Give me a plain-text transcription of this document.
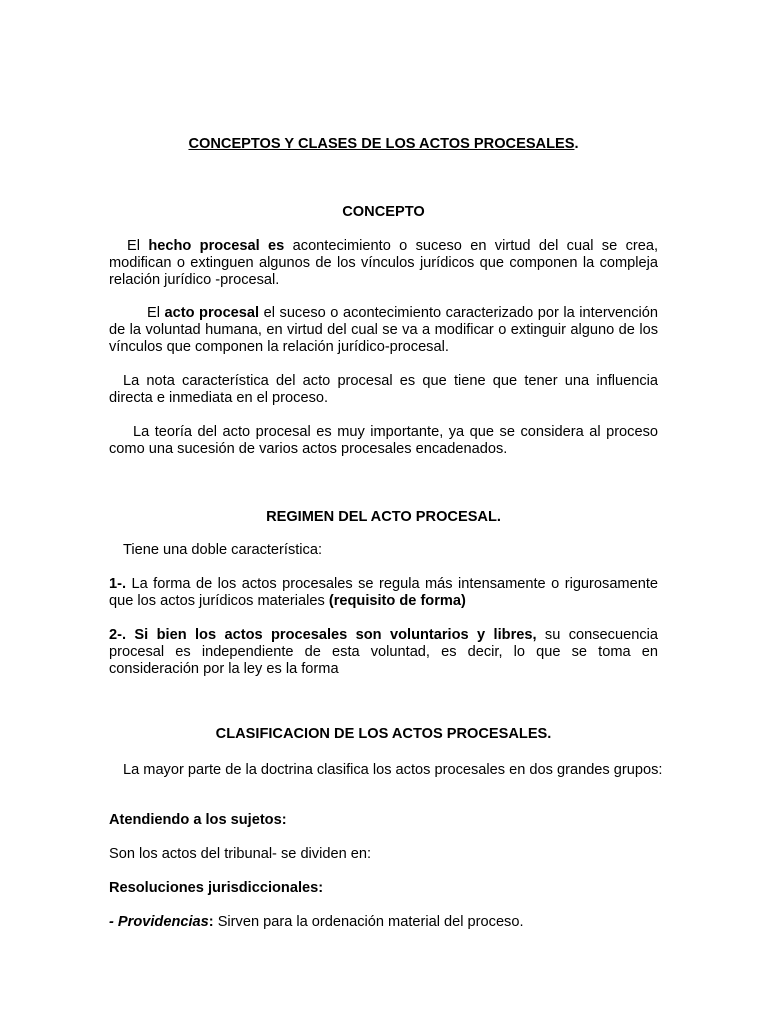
CONCEPTOS Y CLASES DE LOS ACTOS PROCESALES.

CONCEPTO

El hecho procesal es acontecimiento o suceso en virtud del cual se crea, modifican o extinguen algunos de los vínculos jurídicos que componen la compleja relación jurídico -procesal.

El acto procesal el suceso o acontecimiento caracterizado por la intervención de la voluntad humana, en virtud del cual se va a modificar o extinguir alguno de los vínculos que componen la relación jurídico-procesal.

La nota característica del acto procesal es que tiene que tener una influencia directa e inmediata en el proceso.

La teoría del acto procesal es muy importante, ya que se considera al proceso como una sucesión de varios actos procesales encadenados.

REGIMEN DEL ACTO PROCESAL.

Tiene una doble característica:

1-. La forma de los actos procesales se regula más intensamente o rigurosamente que los actos jurídicos materiales (requisito de forma)

2-. Si bien los actos procesales son voluntarios y libres, su consecuencia procesal es independiente de esta voluntad, es decir, lo que se toma en consideración por la ley es la forma

CLASIFICACION DE LOS ACTOS PROCESALES.

La mayor parte de la doctrina clasifica los actos procesales en dos grandes grupos:

Atendiendo a los sujetos:

Son los actos del tribunal- se dividen en:

Resoluciones jurisdiccionales:

- Providencias: Sirven para la ordenación material del proceso.
